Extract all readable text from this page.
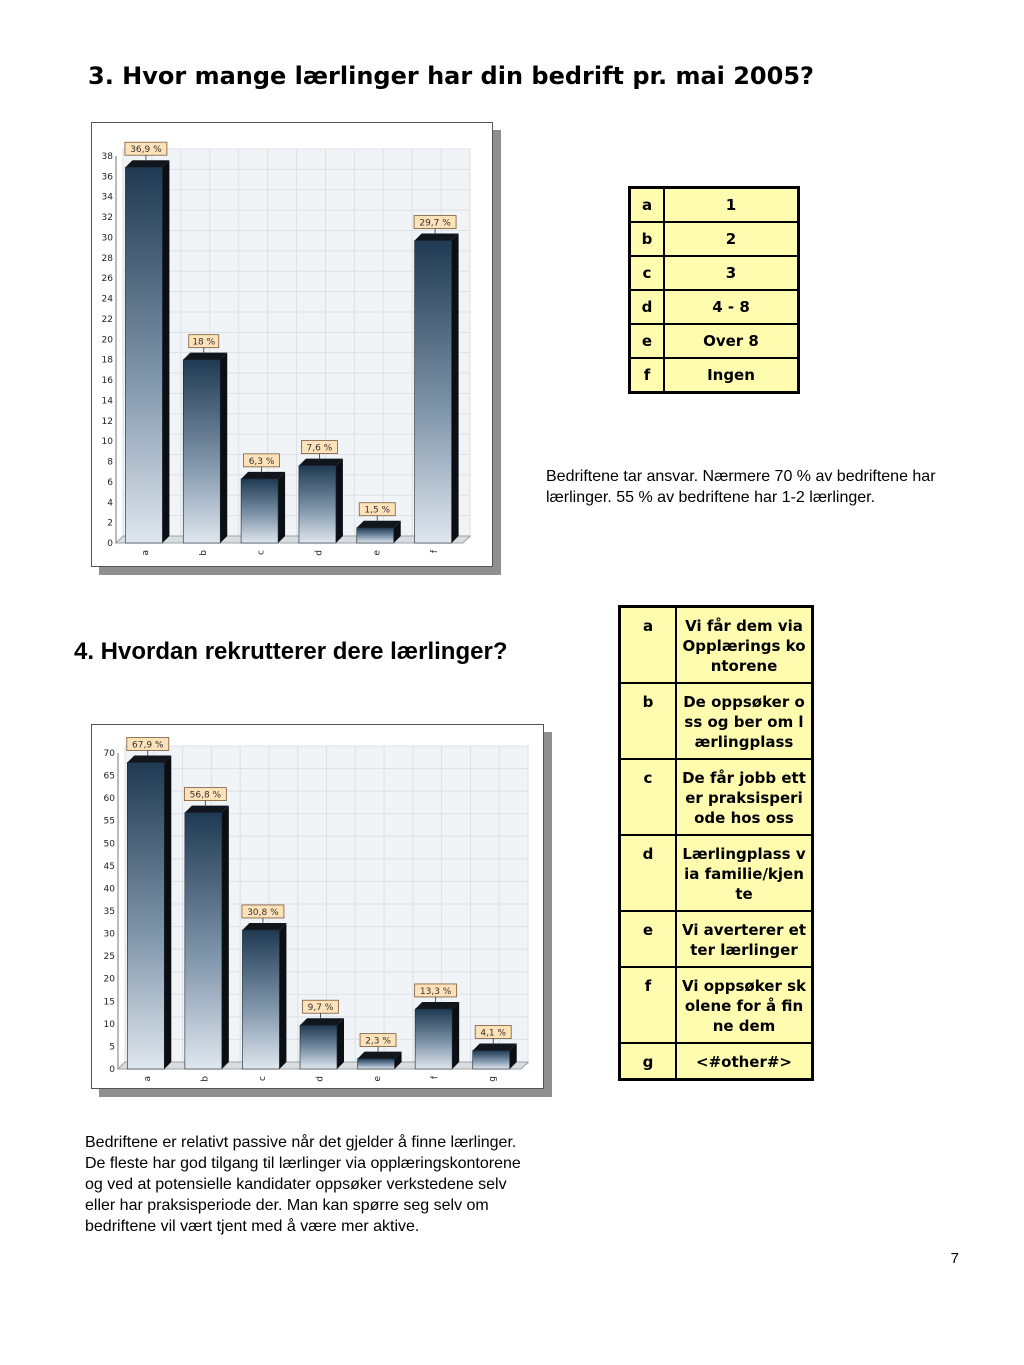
3. Hvor mange lærlinger har din bedrift pr. mai 2005?
0
2
4
6
8
10
12
14
16
18
20
22
24
26
28
30
32
34
36
38
36,9 %
a
18 %
b
6,3 %
c
7,6 %
d
1,5 %
e
29,7 %
f
a	1
b	2
c	3
d	4 - 8
e	Over 8
f	Ingen
Bedriftene tar ansvar. Nærmere 70 % av bedriftene har lærlinger. 55 % av bedriftene har 1-2 lærlinger.
4. Hvordan rekrutterer dere lærlinger?
0
5
10
15
20
25
30
35
40
45
50
55
60
65
70
67,9 %
a
56,8 %
b
30,8 %
c
9,7 %
d
2,3 %
e
13,3 %
f
4,1 %
g
a	Vi får dem via Opplærings kontorene
b	De oppsøker oss og ber om lærlingplass
c	De får jobb etter praksisperiode hos oss
d	Lærlingplass via familie/kjente
e	Vi averterer etter lærlinger
f	Vi oppsøker skolene for å finne dem
g	<#other#>
Bedriftene er relativt passive når det gjelder å finne lærlinger. De fleste har god tilgang til lærlinger via opplæringskontorene og ved at potensielle kandidater oppsøker verkstedene selv eller har praksisperiode der. Man kan spørre seg selv om bedriftene vil vært tjent med å være mer aktive.
7
